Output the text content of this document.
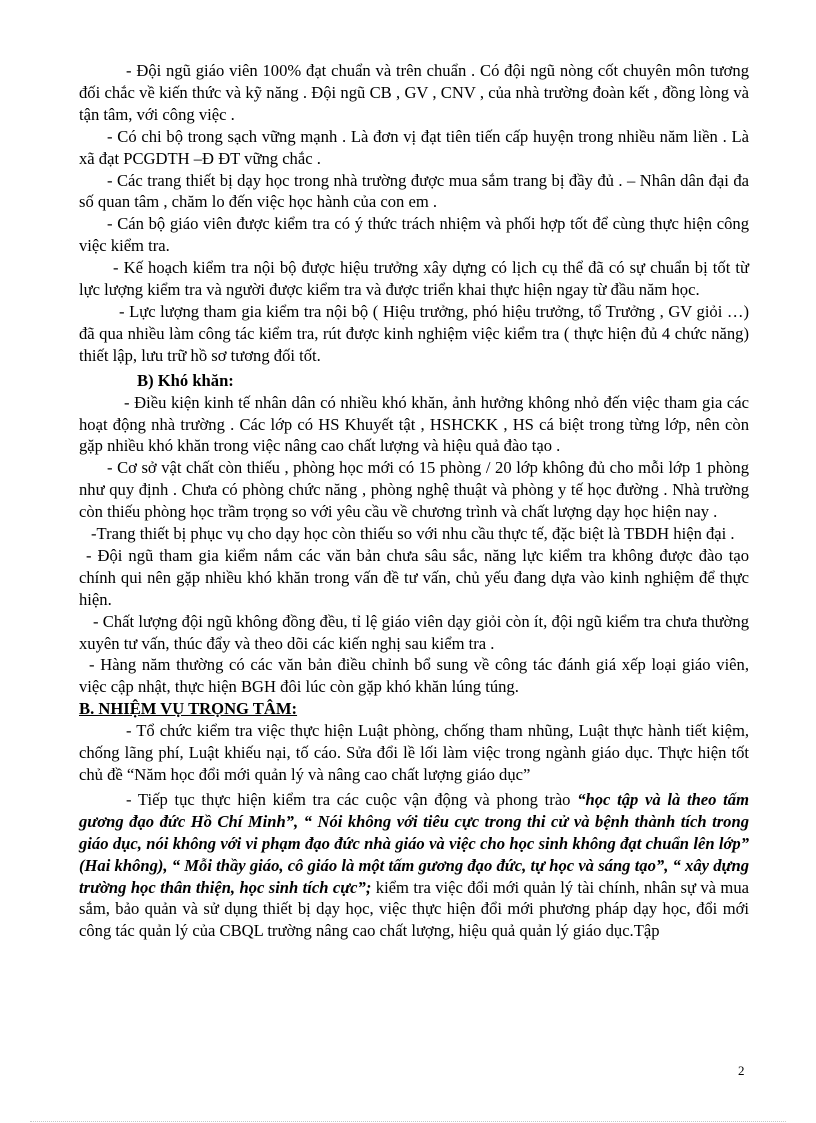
- Đội ngũ giáo viên 100% đạt chuẩn và trên chuẩn . Có đội ngũ nòng cốt chuyên môn tương đối chắc về kiến thức và kỹ năng . Đội ngũ CB , GV , CNV , của nhà trường đoàn kết , đồng lòng và tận tâm, với công việc .

- Có chi bộ trong sạch vững mạnh . Là đơn vị đạt tiên tiến cấp huyện trong nhiều năm liền . Là xã đạt PCGDTH –Đ ĐT vững chắc .

- Các trang thiết bị dạy học trong nhà trường được mua sắm trang bị đầy đủ . – Nhân dân đại đa số quan tâm , chăm lo đến việc học hành của con em .

- Cán bộ giáo viên được kiểm tra có ý thức trách nhiệm và phối hợp tốt để cùng thực hiện công việc kiểm tra.

- Kế hoạch kiểm tra nội bộ được hiệu trưởng xây dựng có lịch cụ thể đã có sự chuẩn bị tốt từ lực lượng kiểm tra và người được kiểm tra và được triển khai thực hiện ngay từ đầu năm học.

- Lực lượng tham gia kiểm tra nội bộ ( Hiệu trưởng, phó hiệu trưởng, tổ Trưởng , GV giỏi …) đã qua nhiều làm công tác kiểm tra, rút được kinh nghiệm việc kiểm tra ( thực hiện đủ 4 chức năng) thiết lập, lưu trữ hồ sơ tương đối tốt.

B) Khó khăn:

- Điều kiện kinh tế nhân dân có nhiều khó khăn, ảnh hưởng không nhỏ đến việc tham gia các hoạt động nhà trường . Các lớp có HS Khuyết tật , HSHCKK , HS cá biệt trong từng lớp, nên còn gặp nhiều khó khăn trong việc nâng cao chất lượng và hiệu quả đào tạo .

- Cơ sở vật chất còn thiếu , phòng học mới có 15 phòng / 20 lớp không đủ cho mỗi lớp 1 phòng như quy định . Chưa có phòng chức năng , phòng nghệ thuật và phòng y tế học đường . Nhà trường còn thiếu phòng học trầm trọng so với yêu cầu về chương trình và chất lượng dạy học hiện nay .

-Trang thiết bị phục vụ cho dạy học còn thiếu so với nhu cầu thực tế, đặc biệt là TBDH hiện đại .

- Đội ngũ tham gia kiểm nắm các văn bản chưa sâu sắc, năng lực kiểm tra không được đào tạo chính qui nên gặp nhiều khó khăn trong vấn đề tư vấn, chủ yếu đang dựa vào kinh nghiệm để thực hiện.

- Chất lượng đội ngũ không đồng đều, tỉ lệ giáo viên dạy giỏi còn ít, đội ngũ kiểm tra chưa thường xuyên tư vấn, thúc đẩy và theo dõi các kiến nghị sau kiểm tra .

- Hàng năm thường có các văn bản điều chỉnh bổ sung về công tác đánh giá xếp loại giáo viên, việc cập nhật, thực hiện BGH đôi lúc còn gặp khó khăn lúng túng.

B. NHIỆM VỤ TRỌNG TÂM:

- Tổ chức kiểm tra việc thực hiện Luật phòng, chống tham nhũng, Luật thực hành tiết kiệm, chống lãng phí, Luật khiếu nại, tố cáo. Sửa đổi lề lối làm việc trong ngành giáo dục. Thực hiện tốt chủ đề “Năm học đổi mới quản lý và nâng cao chất lượng giáo dục”

- Tiếp tục thực hiện kiểm tra các cuộc vận động và phong trào “học tập và là theo tấm gương đạo đức Hồ Chí Minh”, “ Nói không với tiêu cực trong thi cử và bệnh thành tích trong giáo dục, nói không với vi phạm đạo đức nhà giáo và việc cho học sinh không đạt chuẩn lên lớp” (Hai không), “ Mỗi thầy giáo, cô giáo là một tấm gương đạo đức, tự học và sáng tạo”, “ xây dựng trường học thân thiện, học sinh tích cực”; kiểm tra việc đổi mới quản lý tài chính, nhân sự và mua sắm, bảo quản và sử dụng thiết bị dạy học, việc thực hiện đổi mới phương pháp dạy học, đổi mới công tác quản lý của CBQL trường nâng cao chất lượng, hiệu quả quản lý giáo dục.Tập

2
